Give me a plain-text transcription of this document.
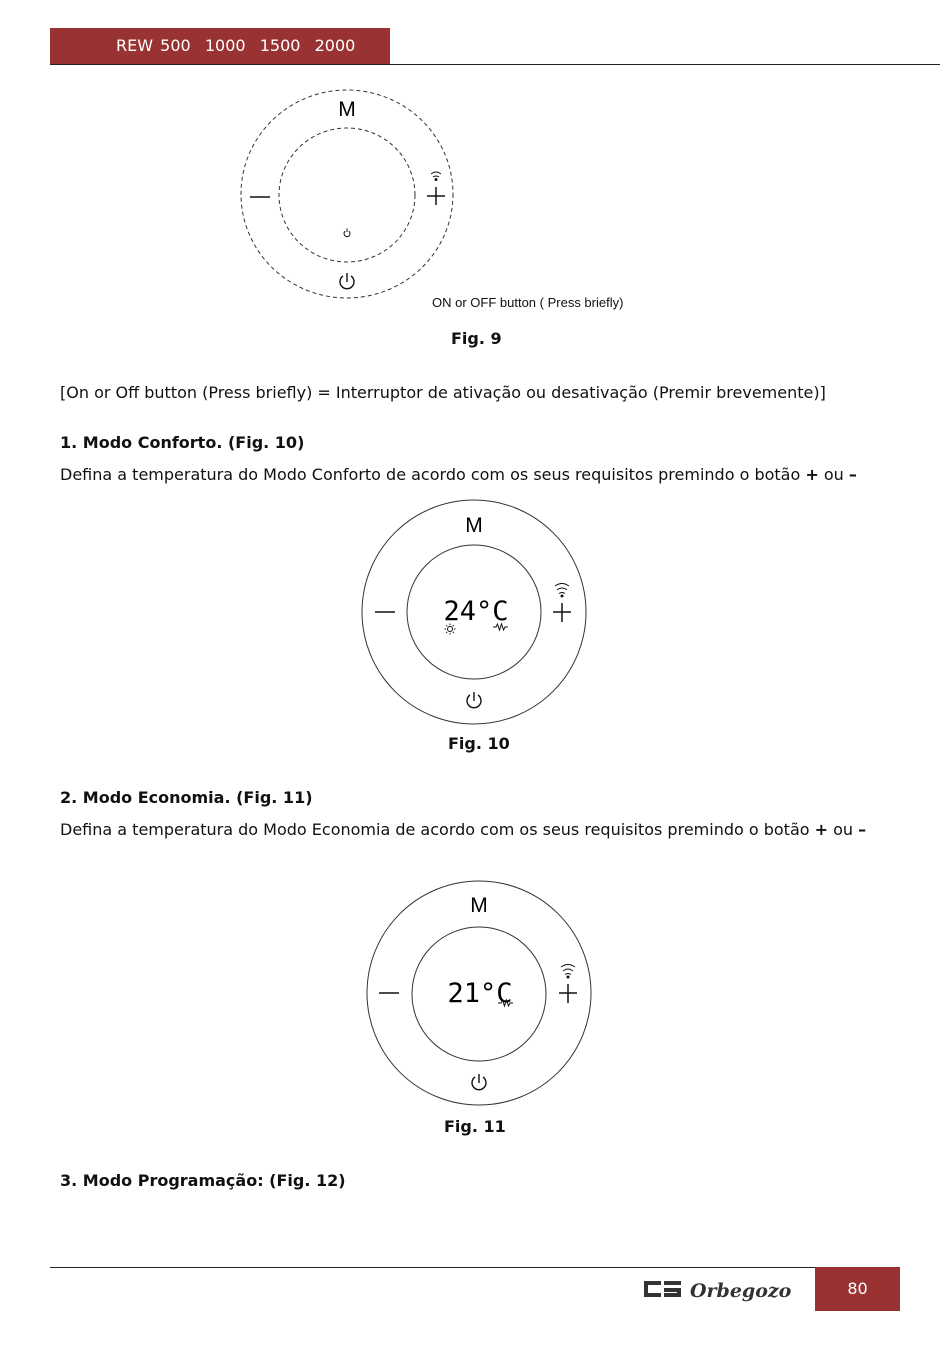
REW 500  1000  1500  2000
M
ON or OFF button ( Press briefly)
Fig. 9
[On or Off button (Press briefly) = Interruptor de ativação ou desativação (Premir brevemente)]
1. Modo Conforto. (Fig. 10)
Defina a temperatura do Modo Conforto de acordo com os seus requisitos premindo o botão + ou –
M
24°C
Fig. 10
2. Modo Economia. (Fig. 11)
Defina a temperatura do Modo Economia de acordo com os seus requisitos premindo o botão + ou –
M
21°C
Fig. 11
3. Modo Programação: (Fig. 12)
Orbegozo	80
